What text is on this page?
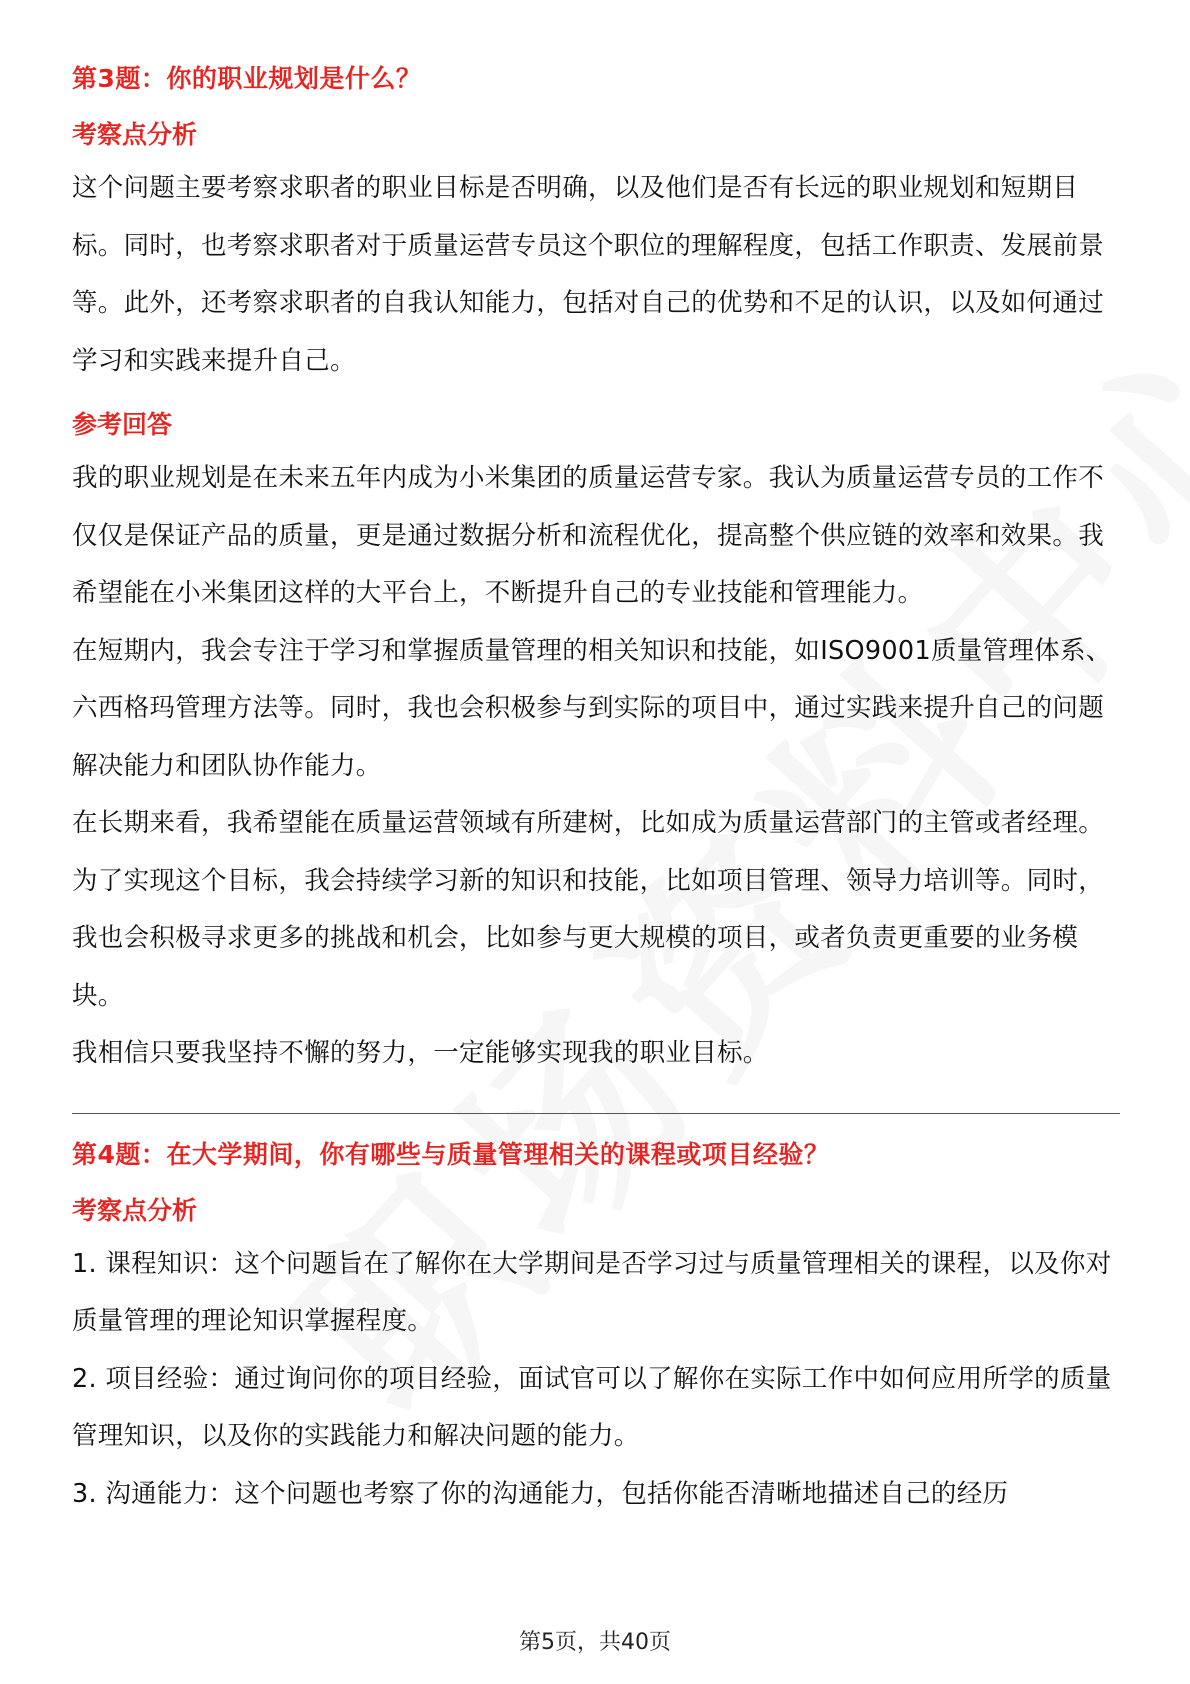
第3题：你的职业规划是什么？
考察点分析

这个问题主要考察求职者的职业目标是否明确，以及他们是否有长远的职业规划和短期目标。同时，也考察求职者对于质量运营专员这个职位的理解程度，包括工作职责、发展前景等。此外，还考察求职者的自我认知能力，包括对自己的优势和不足的认识，以及如何通过学习和实践来提升自己。

参考回答

我的职业规划是在未来五年内成为小米集团的质量运营专家。我认为质量运营专员的工作不仅仅是保证产品的质量，更是通过数据分析和流程优化，提高整个供应链的效率和效果。我希望能在小米集团这样的大平台上，不断提升自己的专业技能和管理能力。

在短期内，我会专注于学习和掌握质量管理的相关知识和技能，如ISO9001质量管理体系、六西格玛管理方法等。同时，我也会积极参与到实际的项目中，通过实践来提升自己的问题解决能力和团队协作能力。

在长期来看，我希望能在质量运营领域有所建树，比如成为质量运营部门的主管或者经理。为了实现这个目标，我会持续学习新的知识和技能，比如项目管理、领导力培训等。同时，我也会积极寻求更多的挑战和机会，比如参与更大规模的项目，或者负责更重要的业务模块。

我相信只要我坚持不懈的努力，一定能够实现我的职业目标。

第4题：在大学期间，你有哪些与质量管理相关的课程或项目经验？
考察点分析

1. 课程知识：这个问题旨在了解你在大学期间是否学习过与质量管理相关的课程，以及你对质量管理的理论知识掌握程度。

2. 项目经验：通过询问你的项目经验，面试官可以了解你在实际工作中如何应用所学的质量管理知识，以及你的实践能力和解决问题的能力。

3. 沟通能力：这个问题也考察了你的沟通能力，包括你能否清晰地描述自己的经历

第5页，共40页
